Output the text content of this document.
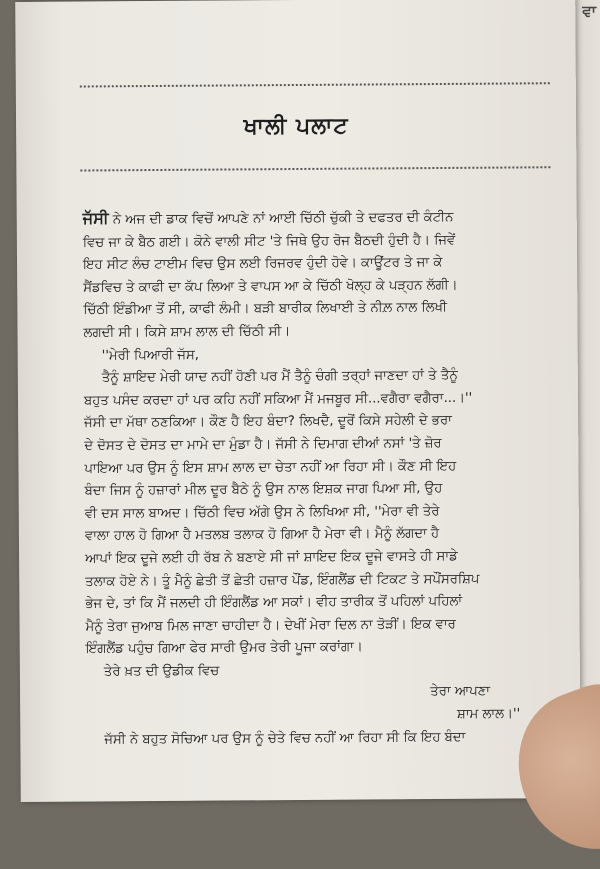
ਵਾ
ਖਾਲੀ ਪਲਾਟ

ਜੱਸੀ ਨੇ ਅਜ ਦੀ ਡਾਕ ਵਿਚੋਂ ਆਪਣੇ ਨਾਂ ਆਈ ਚਿੱਠੀ ਚੁੱਕੀ ਤੇ ਦਫਤਰ ਦੀ ਕੰਟੀਨ

ਵਿਚ ਜਾ ਕੇ ਬੈਠ ਗਈ। ਕੋਨੇ ਵਾਲੀ ਸੀਟ 'ਤੇ ਜਿਥੇ ਉਹ ਰੋਜ ਬੈਠਦੀ ਹੁੰਦੀ ਹੈ। ਜਿਵੇਂ

ਇਹ ਸੀਟ ਲੰਚ ਟਾਈਮ ਵਿਚ ਉਸ ਲਈ ਰਿਜਰਵ ਹੁੰਦੀ ਹੋਵੇ। ਕਾਊਂਟਰ ਤੇ ਜਾ ਕੇ

ਸੈਂਡਵਿਚ ਤੇ ਕਾਫੀ ਦਾ ਕੱਪ ਲਿਆ ਤੇ ਵਾਪਸ ਆ ਕੇ ਚਿੱਠੀ ਖੋਲ੍ਹ ਕੇ ਪੜ੍ਹਨ ਲੱਗੀ।

ਚਿੱਠੀ ਇੰਡੀਆ ਤੋਂ ਸੀ, ਕਾਫੀ ਲੰਮੀ। ਬੜੀ ਬਾਰੀਕ ਲਿਖਾਈ ਤੇ ਨੀਲ਼ ਨਾਲ ਲਿਖੀ

ਲਗਦੀ ਸੀ। ਕਿਸੇ ਸ਼ਾਮ ਲਾਲ ਦੀ ਚਿੱਠੀ ਸੀ।

''ਮੇਰੀ ਪਿਆਰੀ ਜੱਸ,

ਤੈਨੂੰ ਸ਼ਾਇਦ ਮੇਰੀ ਯਾਦ ਨਹੀਂ ਹੋਣੀ ਪਰ ਮੈਂ ਤੈਨੂੰ ਚੰਗੀ ਤਰ੍ਹਾਂ ਜਾਣਦਾ ਹਾਂ ਤੇ ਤੈਨੂੰ

ਬਹੁਤ ਪਸੰਦ ਕਰਦਾ ਹਾਂ ਪਰ ਕਹਿ ਨਹੀਂ ਸਕਿਆ ਮੈਂ ਮਜਬੂਰ ਸੀ...ਵਗੈਰਾ ਵਗੈਰਾ...।''

ਜੱਸੀ ਦਾ ਮੱਥਾ ਠਣਕਿਆ। ਕੌਣ ਹੈ ਇਹ ਬੰਦਾ? ਲਿਖਦੈ, ਦੂਰੋਂ ਕਿਸੇ ਸਹੇਲੀ ਦੇ ਭਰਾ

ਦੇ ਦੋਸਤ ਦੇ ਦੋਸਤ ਦਾ ਮਾਮੇ ਦਾ ਮੁੰਡਾ ਹੈ। ਜੱਸੀ ਨੇ ਦਿਮਾਗ ਦੀਆਂ ਨਸਾਂ 'ਤੇ ਜ਼ੋਰ

ਪਾਇਆ ਪਰ ਉਸ ਨੂੰ ਇਸ ਸ਼ਾਮ ਲਾਲ ਦਾ ਚੇਤਾ ਨਹੀਂ ਆ ਰਿਹਾ ਸੀ। ਕੌਣ ਸੀ ਇਹ

ਬੰਦਾ ਜਿਸ ਨੂੰ ਹਜ਼ਾਰਾਂ ਮੀਲ ਦੂਰ ਬੈਠੇ ਨੂੰ ਉਸ ਨਾਲ ਇਸ਼ਕ ਜਾਗ ਪਿਆ ਸੀ, ਉਹ

ਵੀ ਦਸ ਸਾਲ ਬਾਅਦ। ਚਿੱਠੀ ਵਿਚ ਅੱਗੇ ਉਸ ਨੇ ਲਿਖਿਆ ਸੀ, ''ਮੇਰਾ ਵੀ ਤੇਰੇ

ਵਾਲਾ ਹਾਲ ਹੋ ਗਿਆ ਹੈ ਮਤਲਬ ਤਲਾਕ ਹੋ ਗਿਆ ਹੈ ਮੇਰਾ ਵੀ। ਮੈਨੂੰ ਲੱਗਦਾ ਹੈ

ਆਪਾਂ ਇਕ ਦੂਜੇ ਲਈ ਹੀ ਰੱਬ ਨੇ ਬਣਾਏ ਸੀ ਜਾਂ ਸ਼ਾਇਦ ਇਕ ਦੂਜੇ ਵਾਸਤੇ ਹੀ ਸਾਡੇ

ਤਲਾਕ ਹੋਏ ਨੇ। ਤੂੰ ਮੈਨੂੰ ਛੇਤੀ ਤੋਂ ਛੇਤੀ ਹਜ਼ਾਰ ਪੌਂਡ, ਇੰਗਲੈਂਡ ਦੀ ਟਿਕਟ ਤੇ ਸਪੌਂਸਰਸ਼ਿਪ

ਭੇਜ ਦੇ, ਤਾਂ ਕਿ ਮੈਂ ਜਲਦੀ ਹੀ ਇੰਗਲੈਂਡ ਆ ਸਕਾਂ। ਵੀਹ ਤਾਰੀਕ ਤੋਂ ਪਹਿਲਾਂ ਪਹਿਲਾਂ

ਮੈਨੂੰ ਤੇਰਾ ਜੁਆਬ ਮਿਲ ਜਾਣਾ ਚਾਹੀਦਾ ਹੈ। ਦੇਖੀਂ ਮੇਰਾ ਦਿਲ ਨਾ ਤੋੜੀਂ। ਇਕ ਵਾਰ

ਇੰਗਲੈਂਡ ਪਹੁੰਚ ਗਿਆ ਫੇਰ ਸਾਰੀ ਉਮਰ ਤੇਰੀ ਪੂਜਾ ਕਰਾਂਗਾ।

ਤੇਰੇ ਖ਼ਤ ਦੀ ਉਡੀਕ ਵਿਚ

ਤੇਰਾ ਆਪਣਾ

ਸ਼ਾਮ ਲਾਲ।''

ਜੱਸੀ ਨੇ ਬਹੁਤ ਸੋਚਿਆ ਪਰ ਉਸ ਨੂੰ ਚੇਤੇ ਵਿਚ ਨਹੀਂ ਆ ਰਿਹਾ ਸੀ ਕਿ ਇਹ ਬੰਦਾ
